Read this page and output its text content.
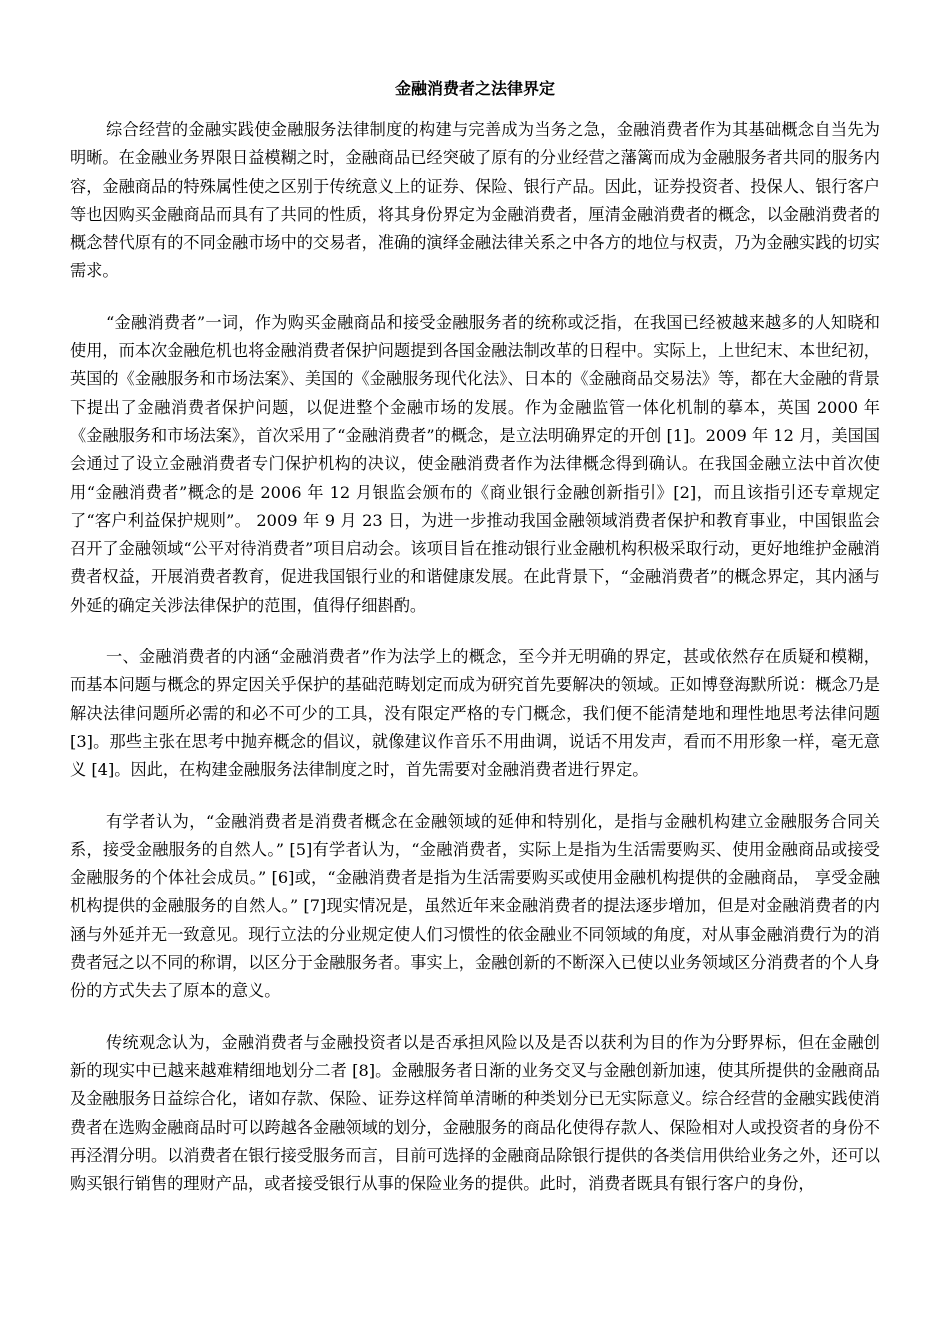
金融消费者之法律界定

综合经营的金融实践使金融服务法律制度的构建与完善成为当务之急，金融消费者作为其基础概念自当先为明晰。在金融业务界限日益模糊之时，金融商品已经突破了原有的分业经营之藩篱而成为金融服务者共同的服务内容，金融商品的特殊属性使之区别于传统意义上的证券、保险、银行产品。因此，证券投资者、投保人、银行客户等也因购买金融商品而具有了共同的性质，将其身份界定为金融消费者，厘清金融消费者的概念，以金融消费者的概念替代原有的不同金融市场中的交易者，准确的演绎金融法律关系之中各方的地位与权责，乃为金融实践的切实需求。

“金融消费者”一词，作为购买金融商品和接受金融服务者的统称或泛指，在我国已经被越来越多的人知晓和使用，而本次金融危机也将金融消费者保护问题提到各国金融法制改革的日程中。实际上，上世纪末、本世纪初，英国的《金融服务和市场法案》、美国的《金融服务现代化法》、日本的《金融商品交易法》等，都在大金融的背景下提出了金融消费者保护问题，以促进整个金融市场的发展。作为金融监管一体化机制的摹本，英国 2000 年《金融服务和市场法案》，首次采用了“金融消费者”的概念，是立法明确界定的开创 [1]。2009 年 12 月，美国国会通过了设立金融消费者专门保护机构的决议，使金融消费者作为法律概念得到确认。在我国金融立法中首次使用“金融消费者”概念的是 2006 年 12 月银监会颁布的《商业银行金融创新指引》[2]，而且该指引还专章规定了“客户利益保护规则”。 2009 年 9 月 23 日，为进一步推动我国金融领域消费者保护和教育事业，中国银监会召开了金融领域“公平对待消费者”项目启动会。该项目旨在推动银行业金融机构积极采取行动，更好地维护金融消费者权益，开展消费者教育，促进我国银行业的和谐健康发展。在此背景下，“金融消费者”的概念界定，其内涵与外延的确定关涉法律保护的范围，值得仔细斟酌。

一、金融消费者的内涵“金融消费者”作为法学上的概念，至今并无明确的界定，甚或依然存在质疑和模糊，而基本问题与概念的界定因关乎保护的基础范畴划定而成为研究首先要解决的领域。正如博登海默所说：概念乃是解决法律问题所必需的和必不可少的工具，没有限定严格的专门概念，我们便不能清楚地和理性地思考法律问题 [3]。那些主张在思考中抛弃概念的倡议，就像建议作音乐不用曲调，说话不用发声，看而不用形象一样，毫无意义 [4]。因此，在构建金融服务法律制度之时，首先需要对金融消费者进行界定。

有学者认为，“金融消费者是消费者概念在金融领域的延伸和特别化，是指与金融机构建立金融服务合同关系，接受金融服务的自然人。” [5]有学者认为，“金融消费者，实际上是指为生活需要购买、使用金融商品或接受金融服务的个体社会成员。” [6]或，“金融消费者是指为生活需要购买或使用金融机构提供的金融商品， 享受金融机构提供的金融服务的自然人。” [7]现实情况是，虽然近年来金融消费者的提法逐步增加，但是对金融消费者的内涵与外延并无一致意见。现行立法的分业规定使人们习惯性的依金融业不同领域的角度，对从事金融消费行为的消费者冠之以不同的称谓，以区分于金融服务者。事实上，金融创新的不断深入已使以业务领域区分消费者的个人身份的方式失去了原本的意义。

传统观念认为，金融消费者与金融投资者以是否承担风险以及是否以获利为目的作为分野界标，但在金融创新的现实中已越来越难精细地划分二者 [8]。金融服务者日渐的业务交叉与金融创新加速，使其所提供的金融商品及金融服务日益综合化，诸如存款、保险、证券这样简单清晰的种类划分已无实际意义。综合经营的金融实践使消费者在选购金融商品时可以跨越各金融领域的划分，金融服务的商品化使得存款人、保险相对人或投资者的身份不再泾渭分明。以消费者在银行接受服务而言，目前可选择的金融商品除银行提供的各类信用供给业务之外，还可以购买银行销售的理财产品，或者接受银行从事的保险业务的提供。此时，消费者既具有银行客户的身份，
